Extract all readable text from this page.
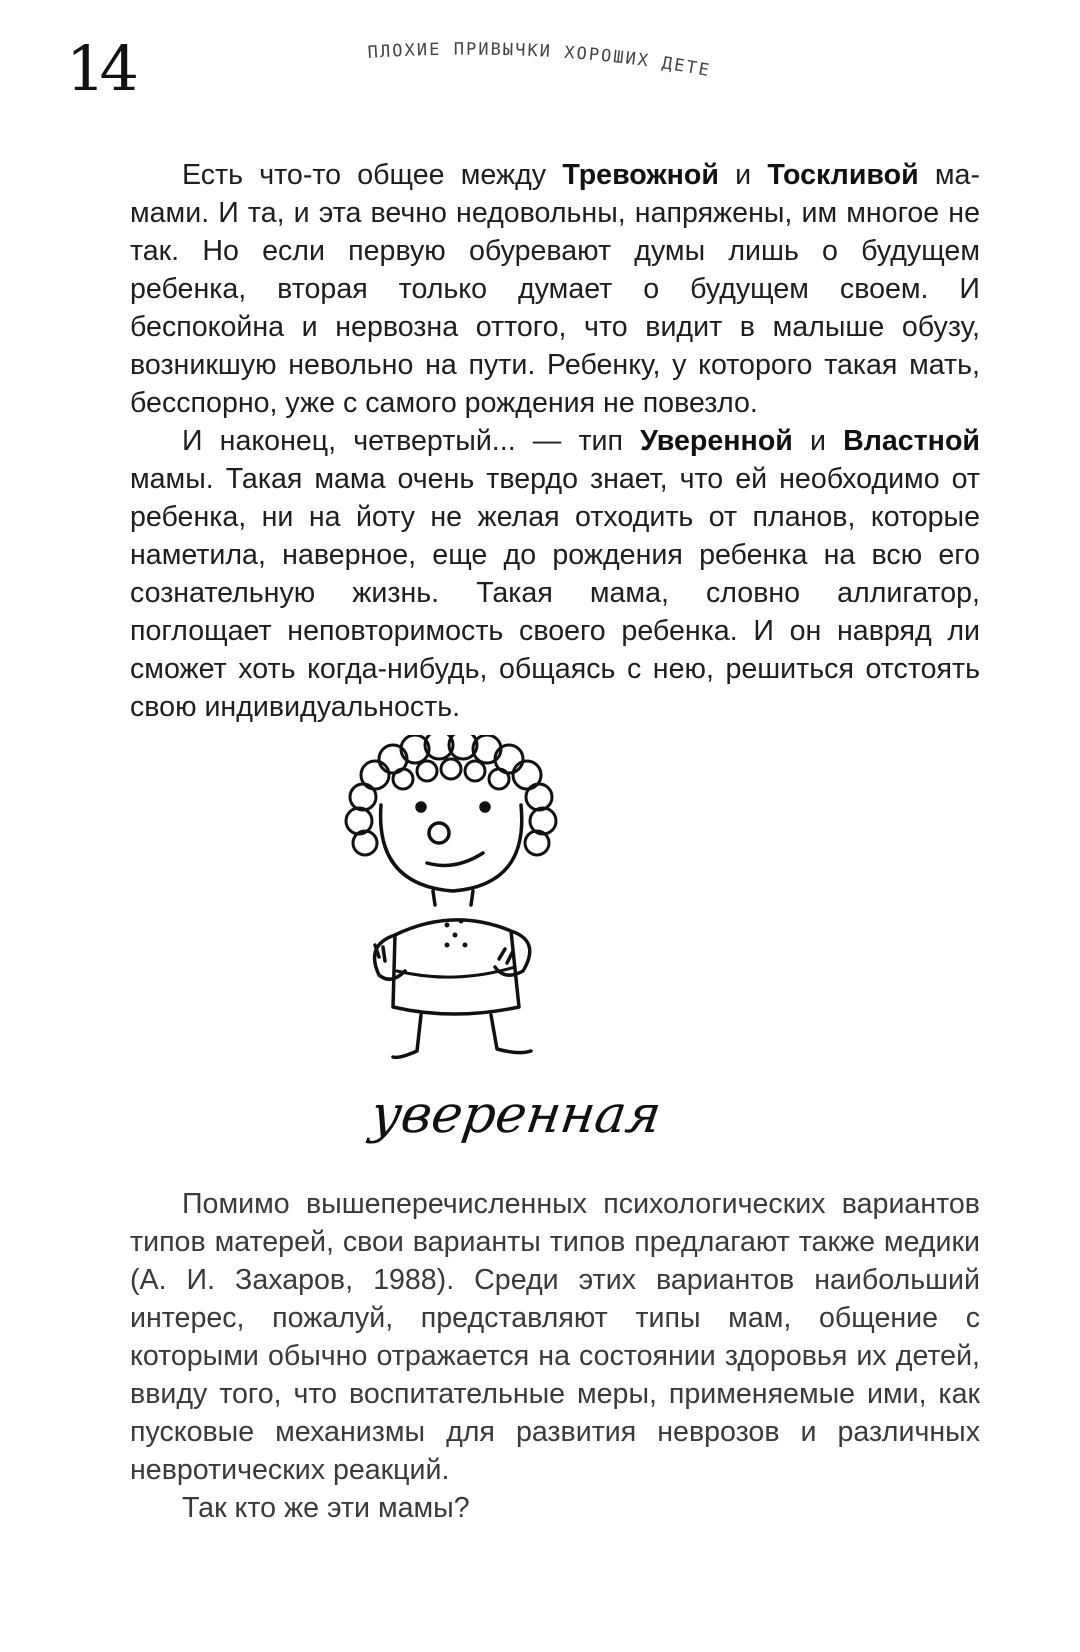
14	ПЛОХИЕ ПРИВЫЧКИ ХОРОШИХ ДЕТЕЙ

Есть что-то общее между Тревожной и Тоскливой мамами. И та, и эта вечно недовольны, напряжены, им многое не так. Но если первую обуревают думы лишь о будущем ребенка, вторая только думает о будущем своем. И беспокойна и нервозна оттого, что видит в малыше обузу, возникшую невольно на пути. Ребенку, у которого такая мать, бесспорно, уже с самого рождения не повезло.

И наконец, четвертый... — тип Уверенной и Властной мамы. Такая мама очень твердо знает, что ей необходимо от ребенка, ни на йоту не желая отходить от планов, которые наметила, наверное, еще до рождения ребенка на всю его сознательную жизнь. Такая мама, словно аллигатор, поглощает неповторимость своего ребенка. И он навряд ли сможет хоть когда-нибудь, общаясь с нею, решиться отстоять свою индивидуальность.

уверенная

Помимо вышеперечисленных психологических вариантов типов матерей, свои варианты типов предлагают также медики (А. И. Захаров, 1988). Среди этих вариантов наибольший интерес, пожалуй, представляют типы мам, общение с которыми обычно отражается на состоянии здоровья их детей, ввиду того, что воспитательные меры, применяемые ими, как пусковые механизмы для развития неврозов и различных невротических реакций.

Так кто же эти мамы?
